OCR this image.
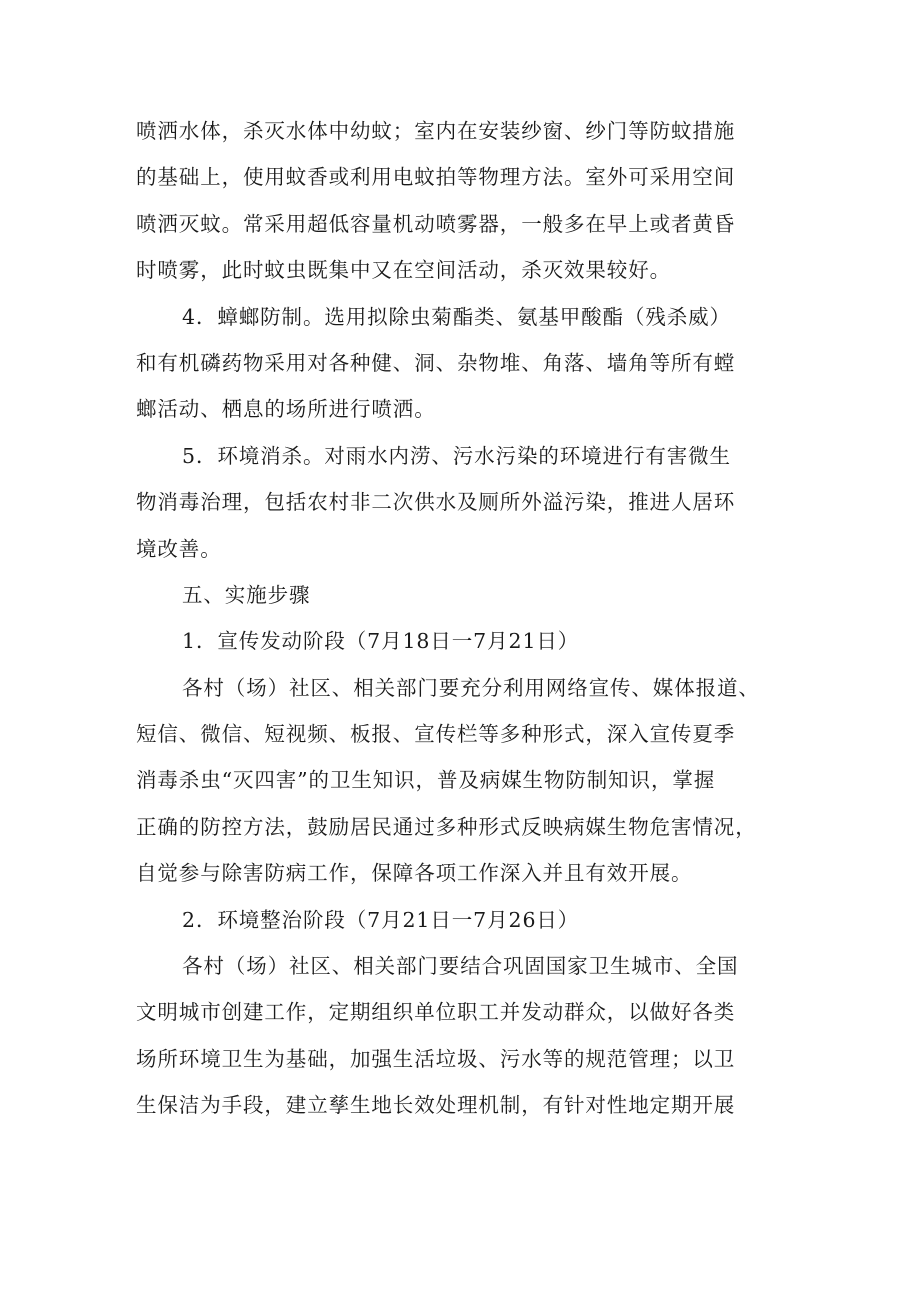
喷洒水体，杀灭水体中幼蚊；室内在安装纱窗、纱门等防蚊措施
的基础上，使用蚊香或利用电蚊拍等物理方法。室外可采用空间
喷洒灭蚊。常采用超低容量机动喷雾器，一般多在早上或者黄昏
时喷雾，此时蚊虫既集中又在空间活动，杀灭效果较好。
4．蟑螂防制。选用拟除虫菊酯类、氨基甲酸酯（残杀威）
和有机磷药物采用对各种健、洞、杂物堆、角落、墙角等所有螳
螂活动、栖息的场所进行喷洒。
5．环境消杀。对雨水内涝、污水污染的环境进行有害微生
物消毒治理，包括农村非二次供水及厕所外溢污染，推进人居环
境改善。
五、实施步骤
1．宣传发动阶段（7月18日一7月21日）
各村（场）社区、相关部门要充分利用网络宣传、媒体报道、
短信、微信、短视频、板报、宣传栏等多种形式，深入宣传夏季
消毒杀虫“灭四害”的卫生知识，普及病媒生物防制知识，掌握
正确的防控方法，鼓励居民通过多种形式反映病媒生物危害情况，
自觉参与除害防病工作，保障各项工作深入并且有效开展。
2．环境整治阶段（7月21日一7月26日）
各村（场）社区、相关部门要结合巩固国家卫生城市、全国
文明城市创建工作，定期组织单位职工并发动群众，以做好各类
场所环境卫生为基础，加强生活垃圾、污水等的规范管理；以卫
生保洁为手段，建立孳生地长效处理机制，有针对性地定期开展
